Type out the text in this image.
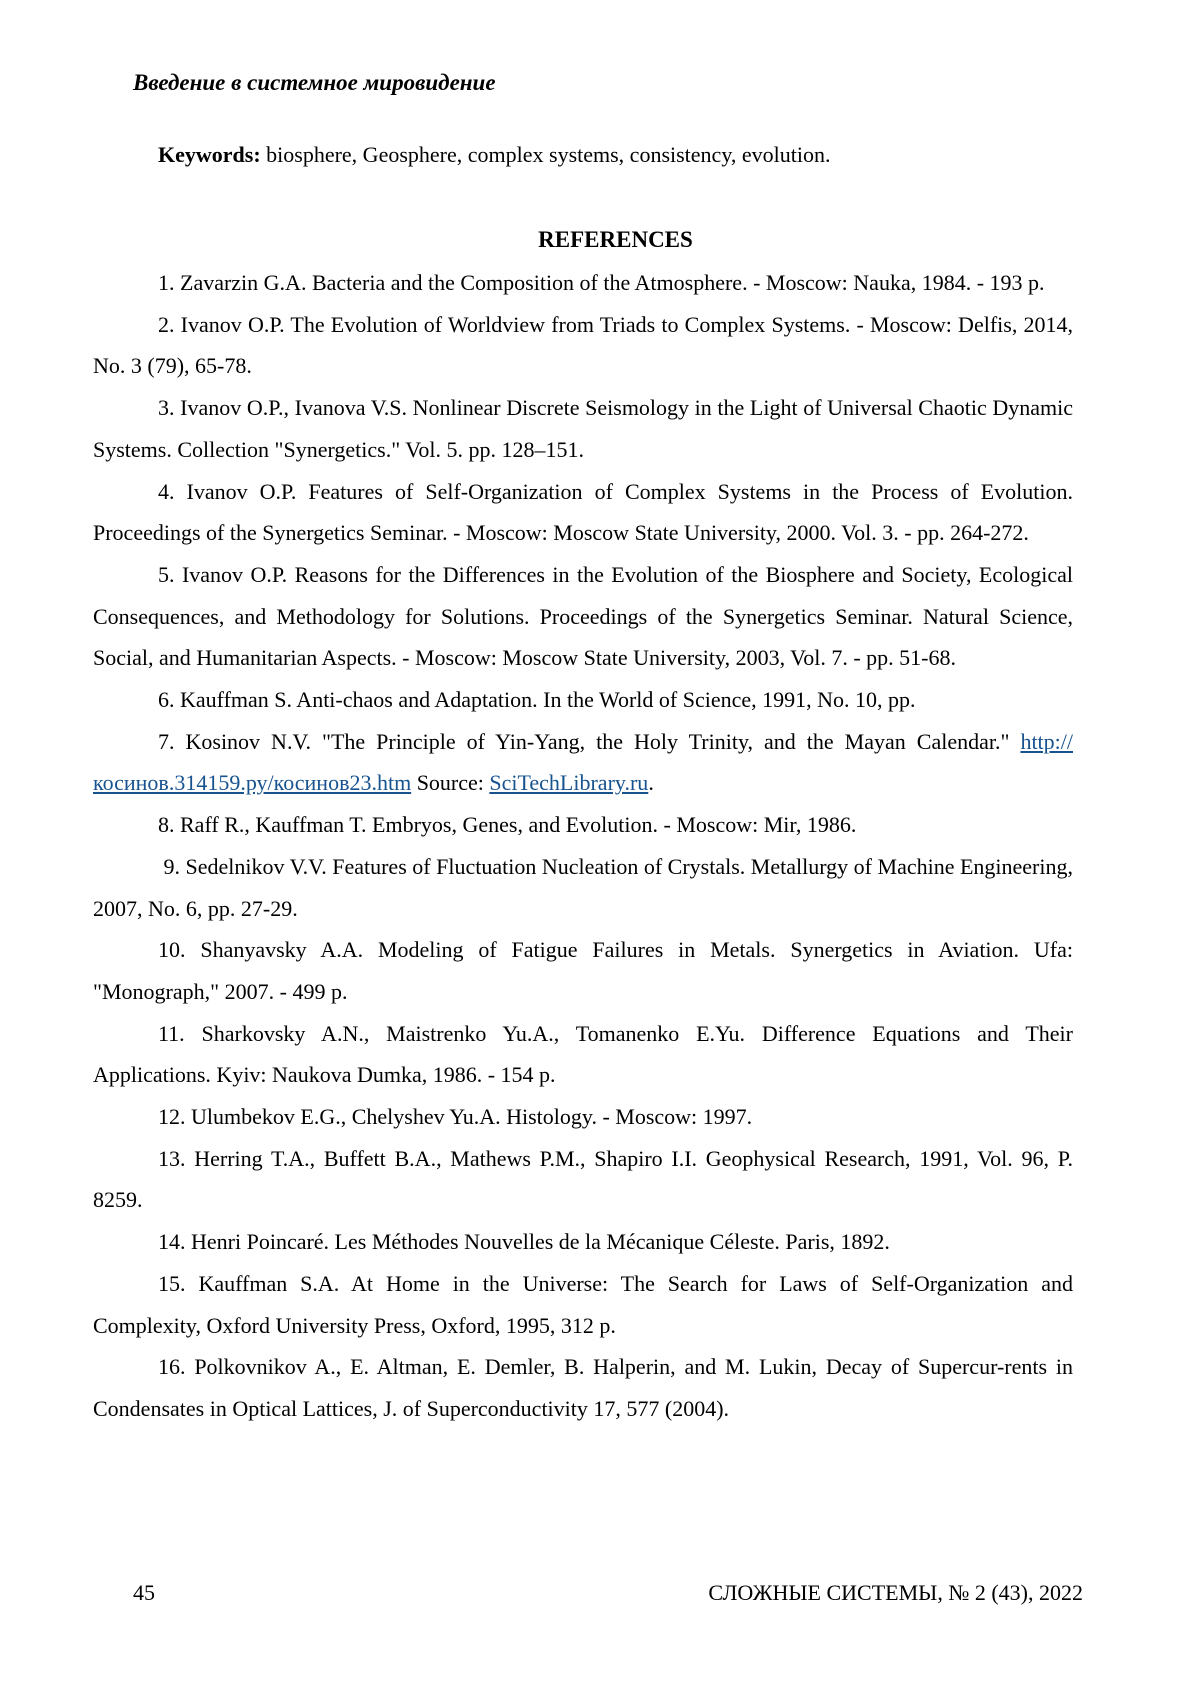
Введение в системное мировидение

Keywords: biosphere, Geosphere, complex systems, consistency, evolution.

REFERENCES

1. Zavarzin G.A. Bacteria and the Composition of the Atmosphere. - Moscow: Nauka, 1984. - 193 p.

2. Ivanov O.P. The Evolution of Worldview from Triads to Complex Systems. - Moscow: Delfis, 2014, No. 3 (79), 65-78.

3. Ivanov O.P., Ivanova V.S. Nonlinear Discrete Seismology in the Light of Universal Chaotic Dynamic Systems. Collection "Synergetics." Vol. 5. pp. 128–151.

4. Ivanov O.P. Features of Self-Organization of Complex Systems in the Process of Evolution. Proceedings of the Synergetics Seminar. - Moscow: Moscow State University, 2000. Vol. 3. - pp. 264-272.

5. Ivanov O.P. Reasons for the Differences in the Evolution of the Biosphere and Society, Ecological Consequences, and Methodology for Solutions. Proceedings of the Synergetics Seminar. Natural Science, Social, and Humanitarian Aspects. - Moscow: Moscow State University, 2003, Vol. 7. - pp. 51-68.

6. Kauffman S. Anti-chaos and Adaptation. In the World of Science, 1991, No. 10, pp.

7. Kosinov N.V. "The Principle of Yin-Yang, the Holy Trinity, and the Mayan Calendar." http://косинов.314159.ру/косинов23.htm Source: SciTechLibrary.ru.

8. Raff R., Kauffman T. Embryos, Genes, and Evolution. - Moscow: Mir, 1986.

9. Sedelnikov V.V. Features of Fluctuation Nucleation of Crystals. Metallurgy of Machine Engineering, 2007, No. 6, pp. 27-29.

10. Shanyavsky A.A. Modeling of Fatigue Failures in Metals. Synergetics in Aviation. Ufa: "Monograph," 2007. - 499 p.

11. Sharkovsky A.N., Maistrenko Yu.A., Tomanenko E.Yu. Difference Equations and Their Applications. Kyiv: Naukova Dumka, 1986. - 154 p.

12. Ulumbekov E.G., Chelyshev Yu.A. Histology. - Moscow: 1997.

13. Herring T.A., Buffett B.A., Mathews P.M., Shapiro I.I. Geophysical Research, 1991, Vol. 96, P. 8259.

14. Henri Poincaré. Les Méthodes Nouvelles de la Mécanique Céleste. Paris, 1892.

15. Kauffman S.A. At Home in the Universe: The Search for Laws of Self-Organization and Complexity, Oxford University Press, Oxford, 1995, 312 p.

16. Polkovnikov A., E. Altman, E. Demler, B. Halperin, and M. Lukin, Decay of Supercur-rents in Condensates in Optical Lattices, J. of Superconductivity 17, 577 (2004).

45	СЛОЖНЫЕ СИСТЕМЫ, № 2 (43), 2022
